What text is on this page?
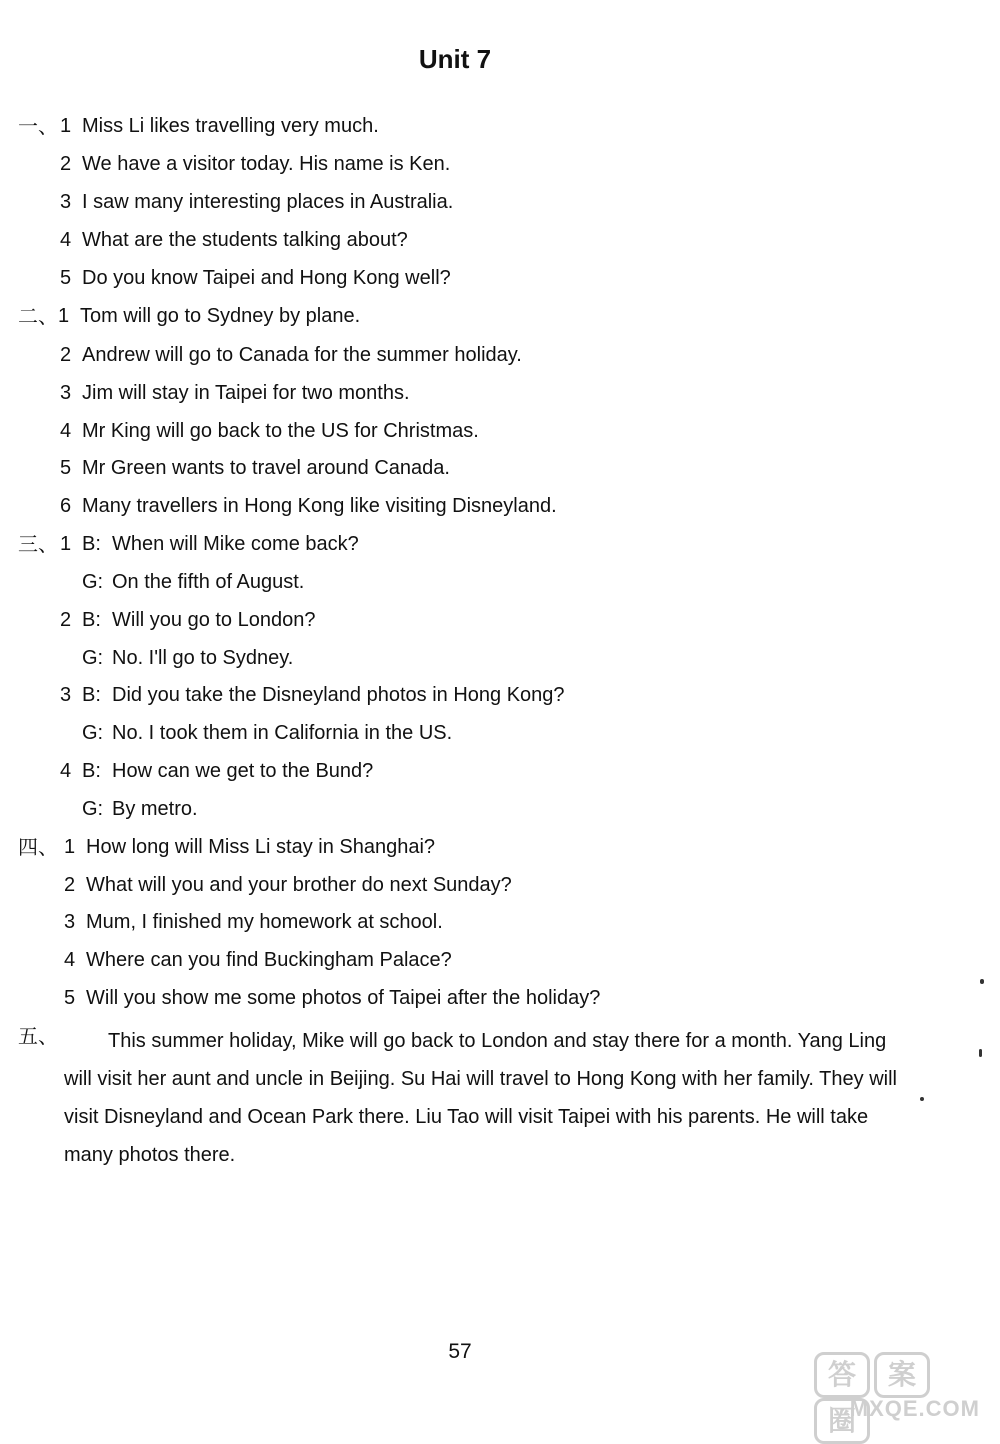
Unit 7
一、 1 Miss Li likes travelling very much.
2 We have a visitor today. His name is Ken.
3 I saw many interesting places in Australia.
4 What are the students talking about?
5 Do you know Taipei and Hong Kong well?
二、 1 Tom will go to Sydney by plane.
2 Andrew will go to Canada for the summer holiday.
3 Jim will stay in Taipei for two months.
4 Mr King will go back to the US for Christmas.
5 Mr Green wants to travel around Canada.
6 Many travellers in Hong Kong like visiting Disneyland.
三、 1 B: When will Mike come back?
G: On the fifth of August.
2 B: Will you go to London?
G: No. I'll go to Sydney.
3 B: Did you take the Disneyland photos in Hong Kong?
G: No. I took them in California in the US.
4 B: How can we get to the Bund?
G: By metro.
四、 1 How long will Miss Li stay in Shanghai?
2 What will you and your brother do next Sunday?
3 Mum, I finished my homework at school.
4 Where can you find Buckingham Palace?
5 Will you show me some photos of Taipei after the holiday?
五、	This summer holiday, Mike will go back to London and stay there for a month. Yang Ling will visit her aunt and uncle in Beijing. Su Hai will travel to Hong Kong with her family. They will visit Disneyland and Ocean Park there. Liu Tao will visit Taipei with his parents. He will take many photos there.
57
答 案圈
MXQE.COM
